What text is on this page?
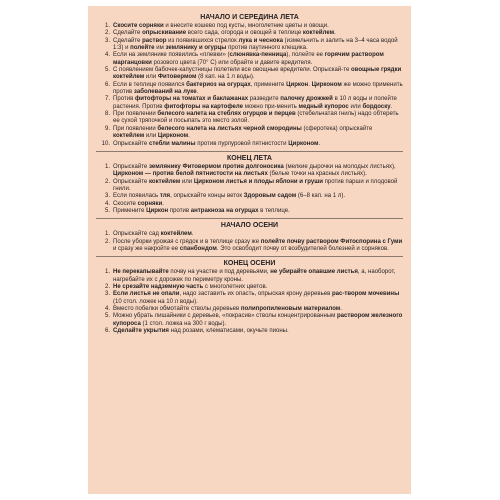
НАЧАЛО И СЕРЕДИНА ЛЕТА
1. Скосите сорняки и внесите кошево под кусты, многолетние цветы и овощи.
2. Сделайте опрыскивание всего сада, огорода и овощей в теплице коктейлем.
3. Сделайте раствор из появившихся стрелок лука и чеснока (измельчить и залить на 3–4 часа водой 1:3) и полейте им землянику и огурцы против паутинного клещика.
4. Если на землянике появились «плевки» (слюнявка-пенница), полейте ее горячим раствором марганцовки розового цвета (70° С) или обрайте и давите вредителя.
5. С появлением бабочек-капустницы полетели все овощные вредители. Опрыскай-те овощные грядки коктейлем или Фитовермом (8 кап. на 1 л воды).
6. Если в теплице появился бактериоз на огурцах, примените Циркон. Цирконом же можно применить против заболеваний на луке.
7. Против фитофторы на томатах и баклажанах разведите палочку дрожжей в 10 л воды и полейте растения. Против фитофторы на картофеле можно при-менить медный купорос или бордоску.
8. При появлении белесого налета на стеблях огурцов и перцев (стебельчатая гниль) надо обтереть ее сухой тряпочкой и посыпать это место золой.
9. При появлении белесого налета на листьях черной смородины (сферотека) опрыскайте коктейлем или Цирконом.
10. Опрыскайте стебли малины против пурпуровой пятнистости Цирконом.
КОНЕЦ ЛЕТА
1. Опрыскайте землянику Фитовермом против долгоносика (мелкие дырочки на молодых листьях), Цирконом — против белой пятнистости на листьях (белые точки на красных листьях).
2. Опрыскайте коктейлем или Цирконом листья и плоды яблони и груши против парши и плодовой гнили.
3. Если появилась тля, опрыскайте концы веток Здоровым садом (6–8 кап. на 1 л).
4. Скосите сорняки.
5. Примените Циркон против антракноза на огурцах в теплице.
НАЧАЛО ОСЕНИ
1. Опрыскайте сад коктейлем.
2. После уборки урожая с грядок и в теплице сразу же полейте почву раствором Фитоспорина с Гуми и сразу же накройте ее спанбондом. Это освободит почву от возбудителей болезней и сорняков.
КОНЕЦ ОСЕНИ
1. Не перекапывайте почву на участке и под деревьями, не убирайте опавшие листья, а, наоборот, нагребайте их с дорожек по периметру кроны.
2. Не срезайте надземную часть с многолетних цветов.
3. Если листья не опали, надо заставить их опасть, опрыская крону деревьев рас-твором мочевины (10 стол. ложек на 10 л воды).
4. Вместо побелки обмотайте стволы деревьев полипропиленовым материалом.
5. Можно убрать лишайники с деревьев, «покрасив» стволы концентрированным раствором железного купороса (1 стол. ложка на 300 г воды).
6. Сделайте укрытия над розами, клематисами, окучьте пионы.
